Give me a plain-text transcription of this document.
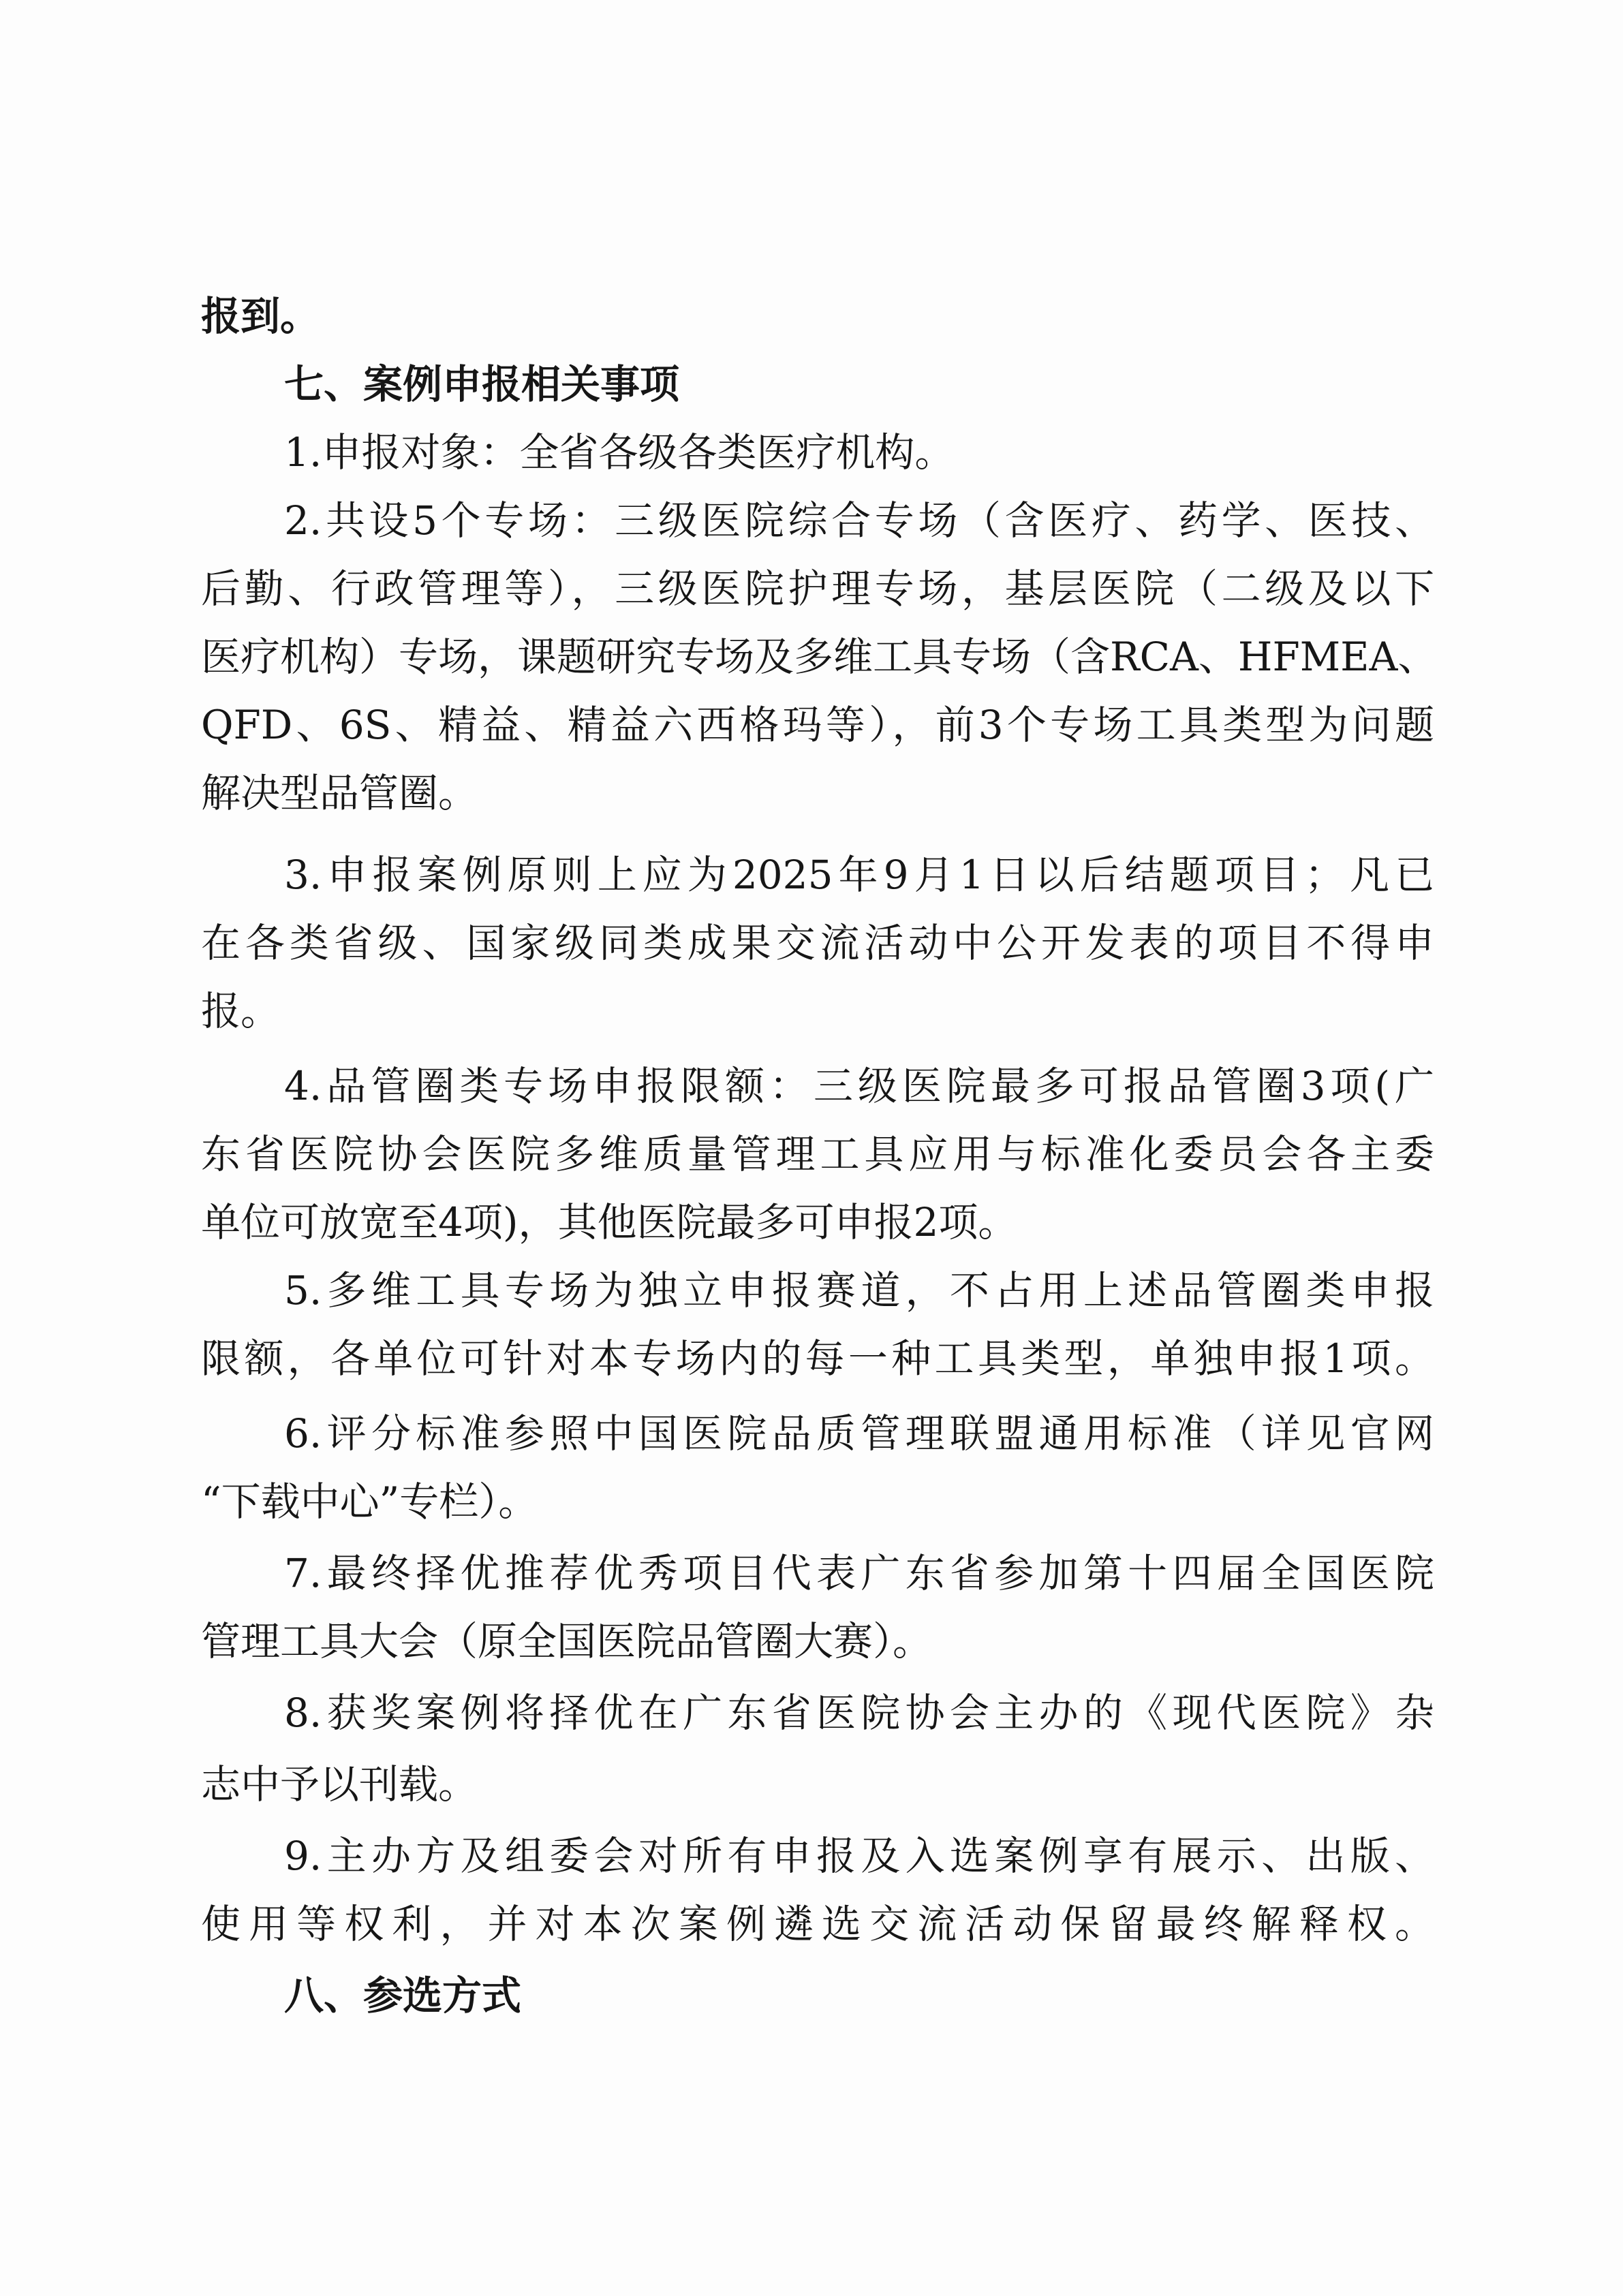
报到。
七、案例申报相关事项
1.申报对象：全省各级各类医疗机构。
2.共设5个专场：三级医院综合专场（含医疗、药学、医技、
后勤、行政管理等），三级医院护理专场，基层医院（二级及以下
医疗机构）专场，课题研究专场及多维工具专场（含RCA、HFMEA、
QFD、6S、精益、精益六西格玛等），前3个专场工具类型为问题
解决型品管圈。
3.申报案例原则上应为2025年9月1日以后结题项目；凡已
在各类省级、国家级同类成果交流活动中公开发表的项目不得申
报。
4.品管圈类专场申报限额：三级医院最多可报品管圈3项(广
东省医院协会医院多维质量管理工具应用与标准化委员会各主委
单位可放宽至4项)，其他医院最多可申报2项。
5.多维工具专场为独立申报赛道，不占用上述品管圈类申报
限额，各单位可针对本专场内的每一种工具类型，单独申报1项。
6.评分标准参照中国医院品质管理联盟通用标准（详见官网
“下载中心”专栏）。
7.最终择优推荐优秀项目代表广东省参加第十四届全国医院
管理工具大会（原全国医院品管圈大赛）。
8.获奖案例将择优在广东省医院协会主办的《现代医院》杂
志中予以刊载。
9.主办方及组委会对所有申报及入选案例享有展示、出版、
使用等权利，并对本次案例遴选交流活动保留最终解释权。
八、参选方式
